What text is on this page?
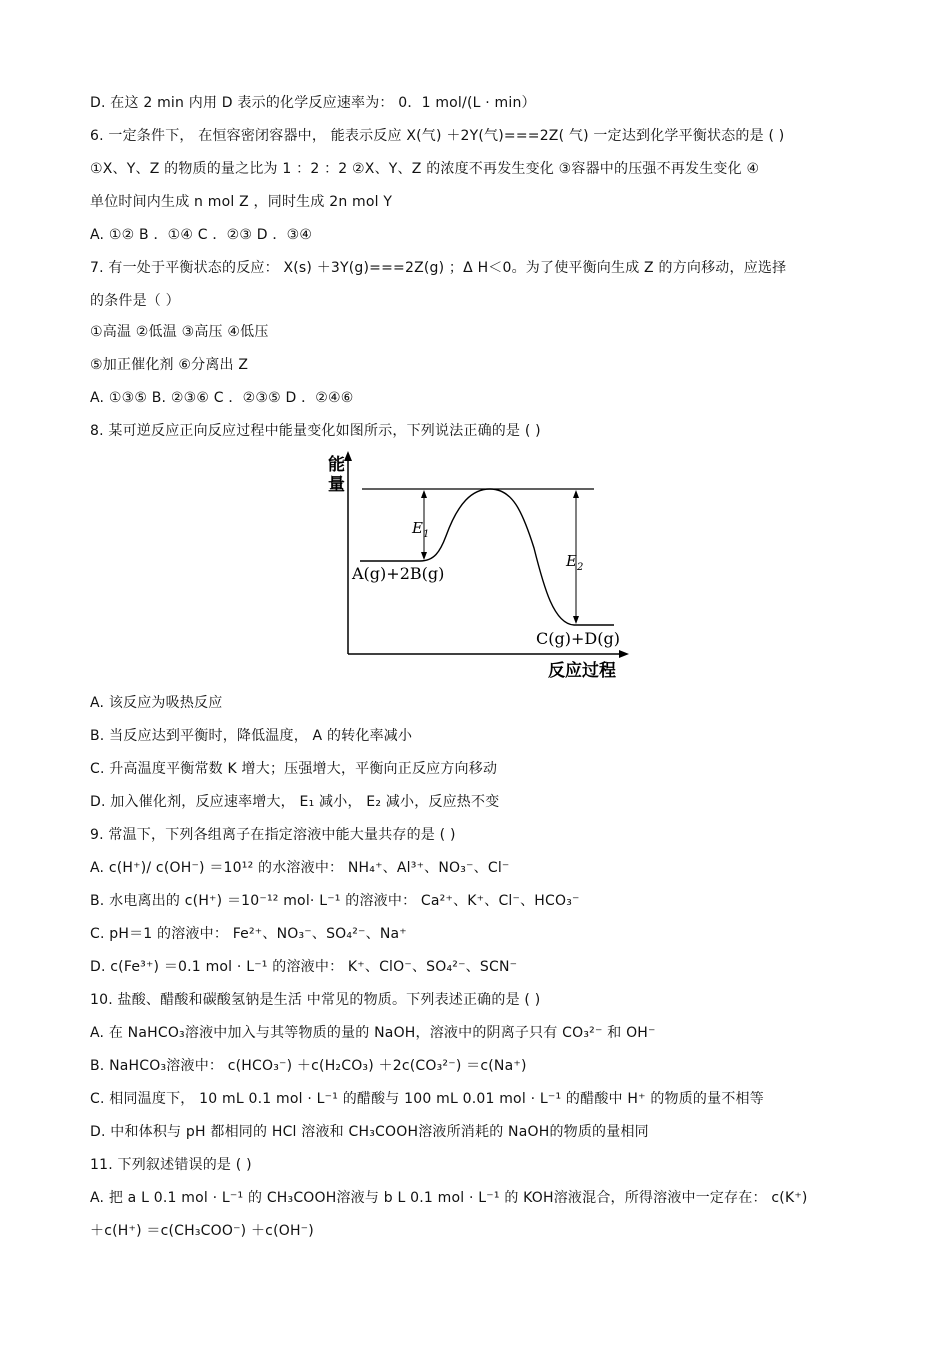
D. 在这 2 min 内用 D 表示的化学反应速率为： 0．1 mol/(L · min）
6. 一定条件下， 在恒容密闭容器中， 能表示反应 X(气) ＋2Y(气)===2Z( 气) 一定达到化学平衡状态的是 ( )
①X、Y、Z 的物质的量之比为 1 ：2 ：2 ②X、Y、Z 的浓度不再发生变化 ③容器中的压强不再发生变化 ④
单位时间内生成 n mol Z ，同时生成 2n mol Y
A. ①② B ．①④ C ．②③ D ．③④
7. 有一处于平衡状态的反应： X(s) ＋3Y(g)===2Z(g) ；Δ H＜0。为了使平衡向生成 Z 的方向移动，应选择
的条件是（ ）
①高温 ②低温 ③高压 ④低压
⑤加正催化剂 ⑥分离出 Z
A. ①③⑤ B. ②③⑥ C ．②③⑤ D ．②④⑥
8. 某可逆反应正向反应过程中能量变化如图所示，下列说法正确的是 ( )
能
量
反应过程
$E_1$
$E_2$
A(g)+2B(g)
C(g)+D(g)
A. 该反应为吸热反应
B. 当反应达到平衡时，降低温度， A 的转化率减小
C. 升高温度平衡常数 K 增大；压强增大，平衡向正反应方向移动
D. 加入催化剂，反应速率增大， E₁ 减小， E₂ 减小，反应热不变
9. 常温下，下列各组离子在指定溶液中能大量共存的是 ( )
A. c(H⁺)/ c(OH⁻) ＝10¹² 的水溶液中： NH₄⁺、Al³⁺、NO₃⁻、Cl⁻
B. 水电离出的 c(H⁺) ＝10⁻¹² mol· L⁻¹ 的溶液中： Ca²⁺、K⁺、Cl⁻、HCO₃⁻
C. pH＝1 的溶液中： Fe²⁺、NO₃⁻、SO₄²⁻、Na⁺
D. c(Fe³⁺) ＝0.1 mol · L⁻¹ 的溶液中： K⁺、ClO⁻、SO₄²⁻、SCN⁻
10. 盐酸、醋酸和碳酸氢钠是生活 中常见的物质。下列表述正确的是 ( )
A. 在 NaHCO₃溶液中加入与其等物质的量的 NaOH，溶液中的阴离子只有 CO₃²⁻ 和 OH⁻
B. NaHCO₃溶液中： c(HCO₃⁻) ＋c(H₂CO₃) ＋2c(CO₃²⁻) ＝c(Na⁺)
C. 相同温度下， 10 mL 0.1 mol · L⁻¹ 的醋酸与 100 mL 0.01 mol · L⁻¹ 的醋酸中 H⁺ 的物质的量不相等
D. 中和体积与 pH 都相同的 HCl 溶液和 CH₃COOH溶液所消耗的 NaOH的物质的量相同
11. 下列叙述错误的是 ( )
A. 把 a L 0.1 mol · L⁻¹ 的 CH₃COOH溶液与 b L 0.1 mol · L⁻¹ 的 KOH溶液混合，所得溶液中一定存在： c(K⁺)
＋c(H⁺) ＝c(CH₃COO⁻) ＋c(OH⁻)
